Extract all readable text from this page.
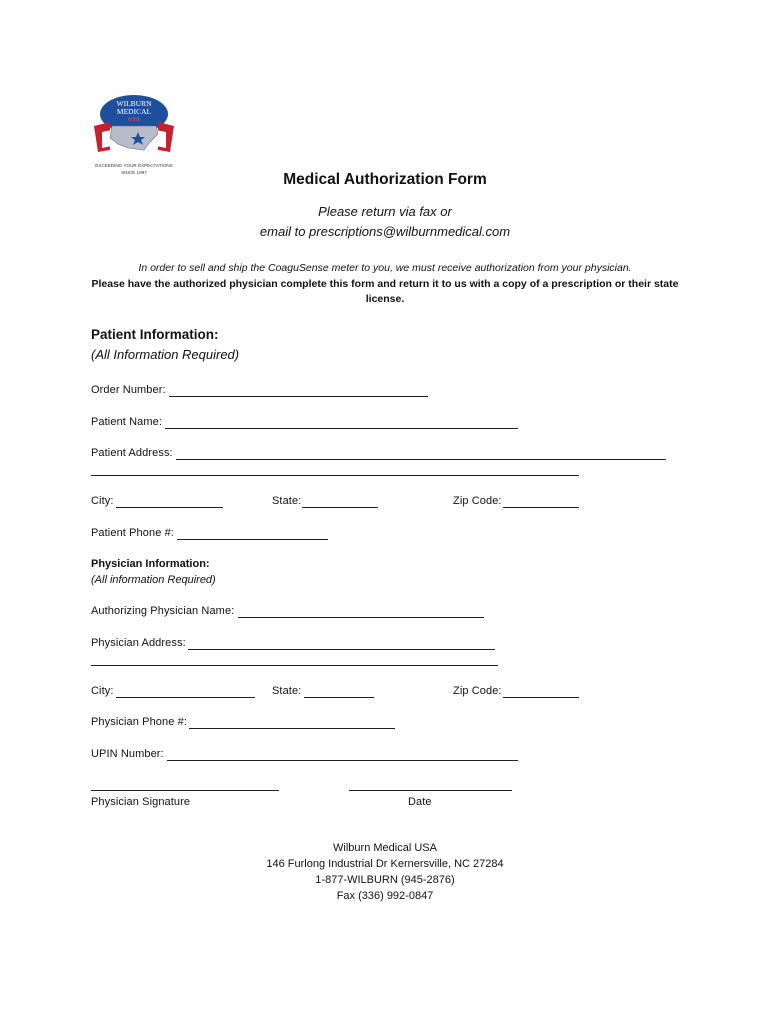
WILBURN
MEDICAL
USA
EXCEEDING YOUR EXPECTATIONS
SINCE 1997	Medical Authorization Form
Please return via fax or
email to prescriptions@wilburnmedical.com
In order to sell and ship the CoaguSense meter to you, we must receive authorization from your physician.
Please have the authorized physician complete this form and return it to us with a copy of a prescription or their state license.
Patient Information:
(All Information Required)
Order Number:
Patient Name:
Patient Address:
City:	State:	Zip Code:
Patient Phone #:
Physician Information:
(All information Required)
Authorizing Physician Name:
Physician Address:
City:	State:	Zip Code:
Physician Phone #:
UPIN Number:
Physician Signature	Date
Wilburn Medical USA
146 Furlong Industrial Dr Kernersville, NC 27284
1-877-WILBURN (945-2876)
Fax (336) 992-0847
